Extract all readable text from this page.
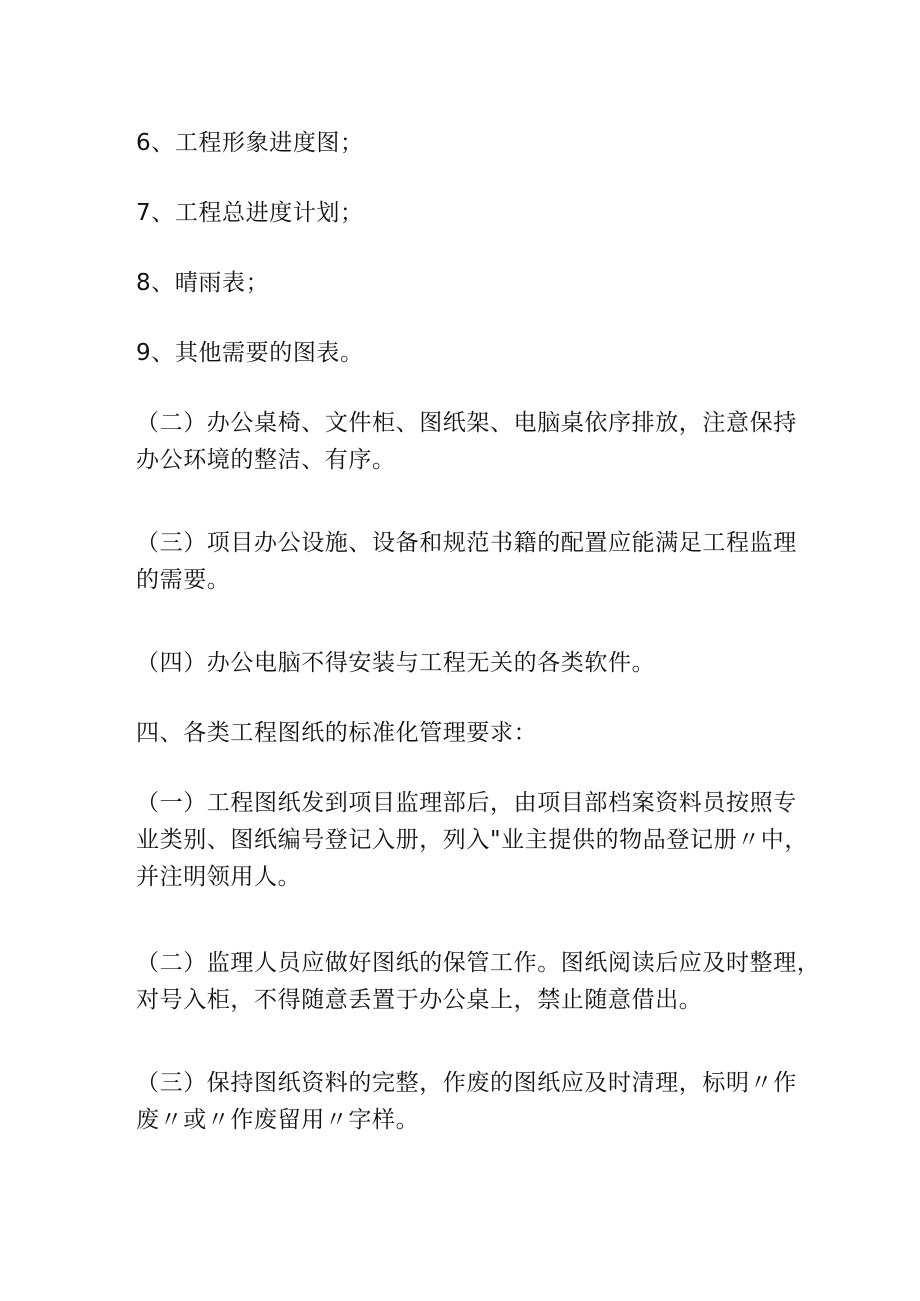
6、工程形象进度图；

7、工程总进度计划；

8、晴雨表；

9、其他需要的图表。

（二）办公桌椅、文件柜、图纸架、电脑桌依序排放，注意保持
办公环境的整洁、有序。

（三）项目办公设施、设备和规范书籍的配置应能满足工程监理
的需要。

（四）办公电脑不得安装与工程无关的各类软件。

四、各类工程图纸的标准化管理要求：

（一）工程图纸发到项目监理部后，由项目部档案资料员按照专
业类别、图纸编号登记入册，列入"业主提供的物品登记册〃中，
并注明领用人。

（二）监理人员应做好图纸的保管工作。图纸阅读后应及时整理，
对号入柜，不得随意丢置于办公桌上，禁止随意借出。

（三）保持图纸资料的完整，作废的图纸应及时清理，标明〃作
废〃或〃作废留用〃字样。
